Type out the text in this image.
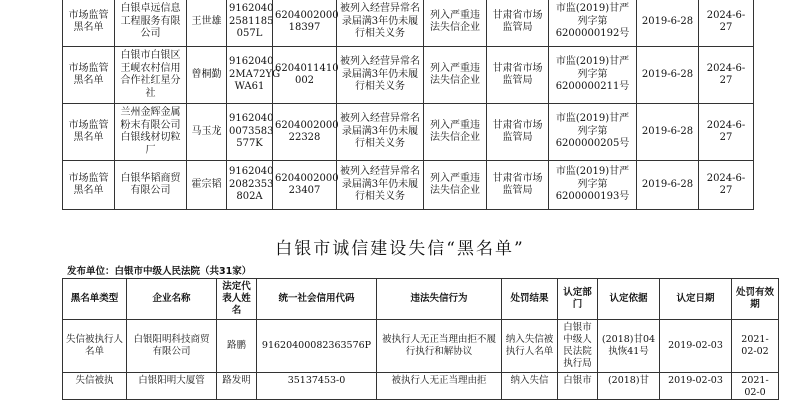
市场监管黑名单	白银卓远信息工程服务有限公司	王世雄	9162040 2581185 057L	6204002000 18397	被列入经营异常名录届满3年仍未履行相关义务	列入严重违法失信企业	甘肃省市场监管局	市监(2019)甘严列字第6200000192号	2019-6-28	2024-6-27
市场监管黑名单	白银市白银区王岘农村信用合作社红星分社	曾桐勤	9162040 2MA72YG WA61	6204011410 002	被列入经营异常名录届满3年仍未履行相关义务	列入严重违法失信企业	甘肃省市场监管局	市监(2019)甘严列字第6200000211号	2019-6-28	2024-6-27
市场监管黑名单	兰州金辉金属粉末有限公司白银线材切粒厂	马玉龙	9162040 0073583 577K	6204002000 22328	被列入经营异常名录届满3年仍未履行相关义务	列入严重违法失信企业	甘肃省市场监管局	市监(2019)甘严列字第6200000205号	2019-6-28	2024-6-27
市场监管黑名单	白银华韬商贸有限公司	霍宗韬	9162040 2082353 802A	6204002000 23407	被列入经营异常名录届满3年仍未履行相关义务	列入严重违法失信企业	甘肃省市场监管局	市监(2019)甘严列字第6200000193号	2019-6-28	2024-6-27
白银市诚信建设失信“黑名单”
发布单位：白银市中级人民法院（共31家）
黑名单类型	企业名称	法定代表人姓名	统一社会信用代码	违法失信行为	处罚结果	认定部门	认定依据	认定日期	处罚有效期
失信被执行人名单	白银阳明科技商贸有限公司	路鹏	91620400082363576P	被执行人无正当理由拒不履行执行和解协议	纳入失信被执行人名单	白银市中级人民法院执行局	(2018)甘04执恢41号	2019-02-03	2021-02-02
失信被执	白银阳明大厦管	路发明	35137453-0	被执行人无正当理由拒	纳入失信	白银市	(2018)甘	2019-02-03	2021-02-0
